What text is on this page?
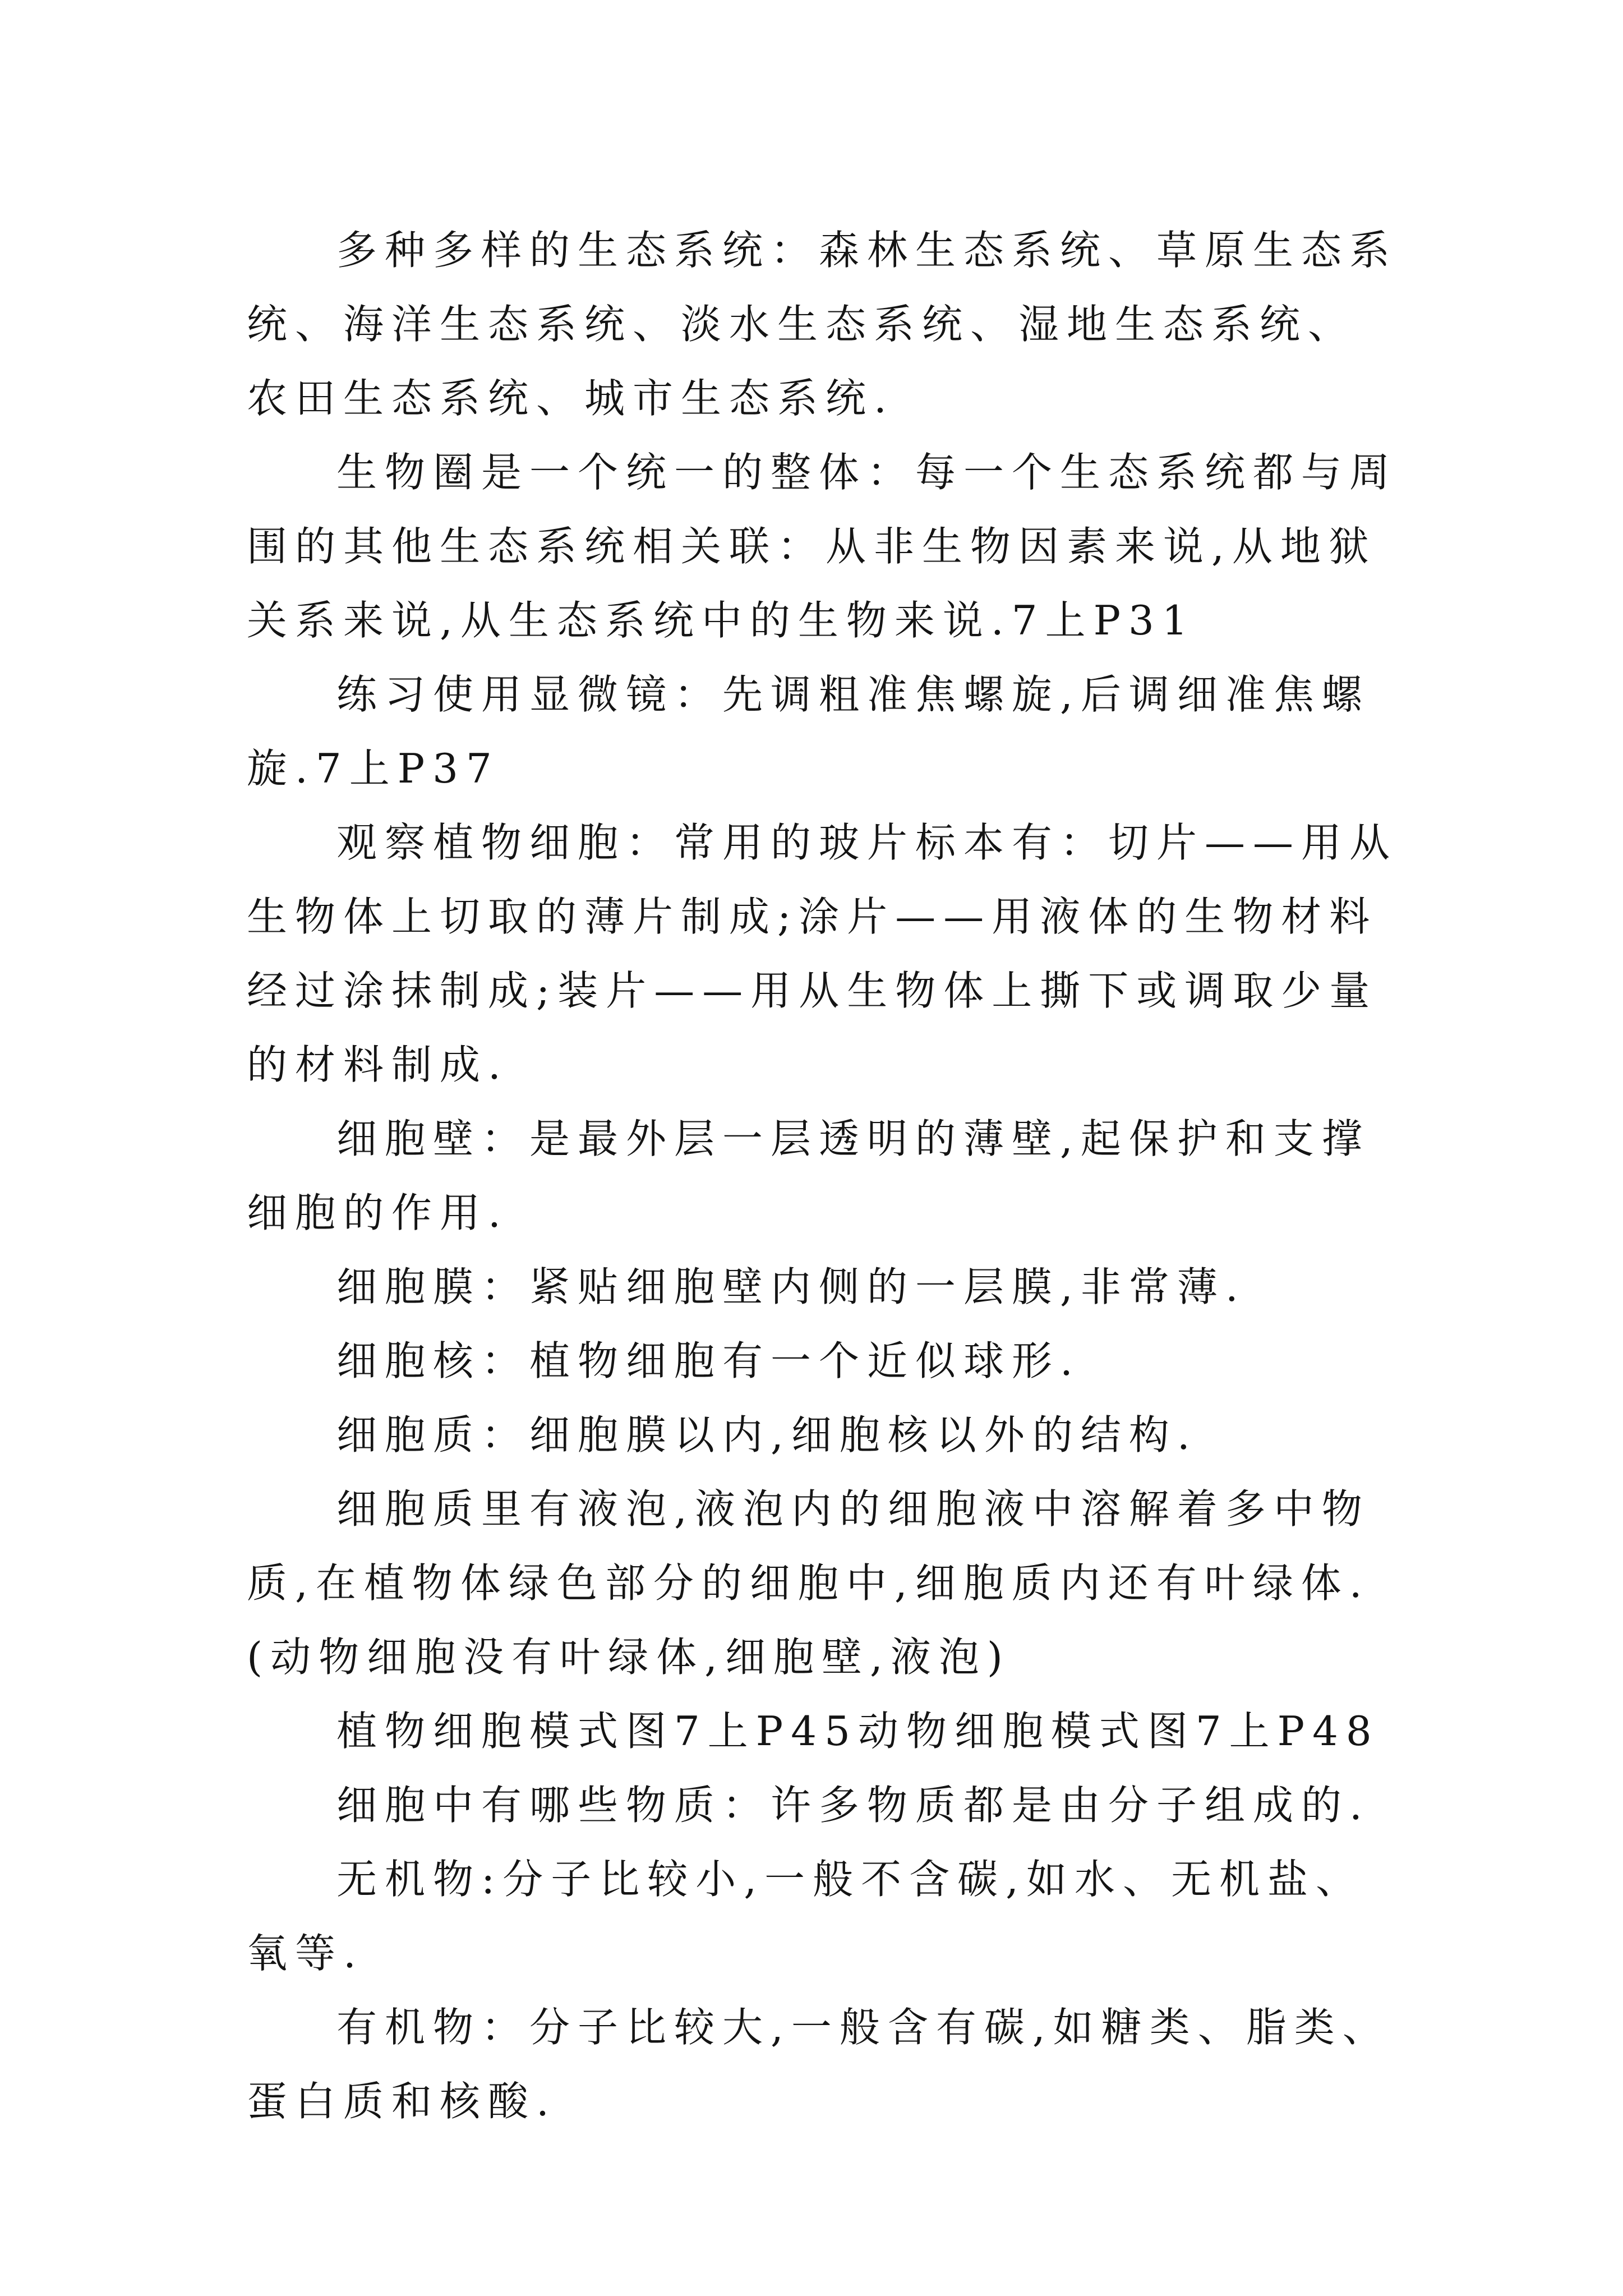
多种多样的生态系统：森林生态系统、草原生态系统、海洋生态系统、淡水生态系统、湿地生态系统、农田生态系统、城市生态系统.

生物圈是一个统一的整体：每一个生态系统都与周围的其他生态系统相关联：从非生物因素来说,从地狱关系来说,从生态系统中的生物来说.7上P31

练习使用显微镜：先调粗准焦螺旋,后调细准焦螺旋.7上P37

观察植物细胞：常用的玻片标本有：切片——用从生物体上切取的薄片制成;涂片——用液体的生物材料经过涂抹制成;装片——用从生物体上撕下或调取少量的材料制成.

细胞壁：是最外层一层透明的薄壁,起保护和支撑细胞的作用.

细胞膜：紧贴细胞壁内侧的一层膜,非常薄.

细胞核：植物细胞有一个近似球形.

细胞质：细胞膜以内,细胞核以外的结构.

细胞质里有液泡,液泡内的细胞液中溶解着多中物质,在植物体绿色部分的细胞中,细胞质内还有叶绿体.(动物细胞没有叶绿体,细胞壁,液泡)

植物细胞模式图7上P45动物细胞模式图7上P48

细胞中有哪些物质：许多物质都是由分子组成的.

无机物:分子比较小,一般不含碳,如水、无机盐、氧等.

有机物：分子比较大,一般含有碳,如糖类、脂类、蛋白质和核酸.
